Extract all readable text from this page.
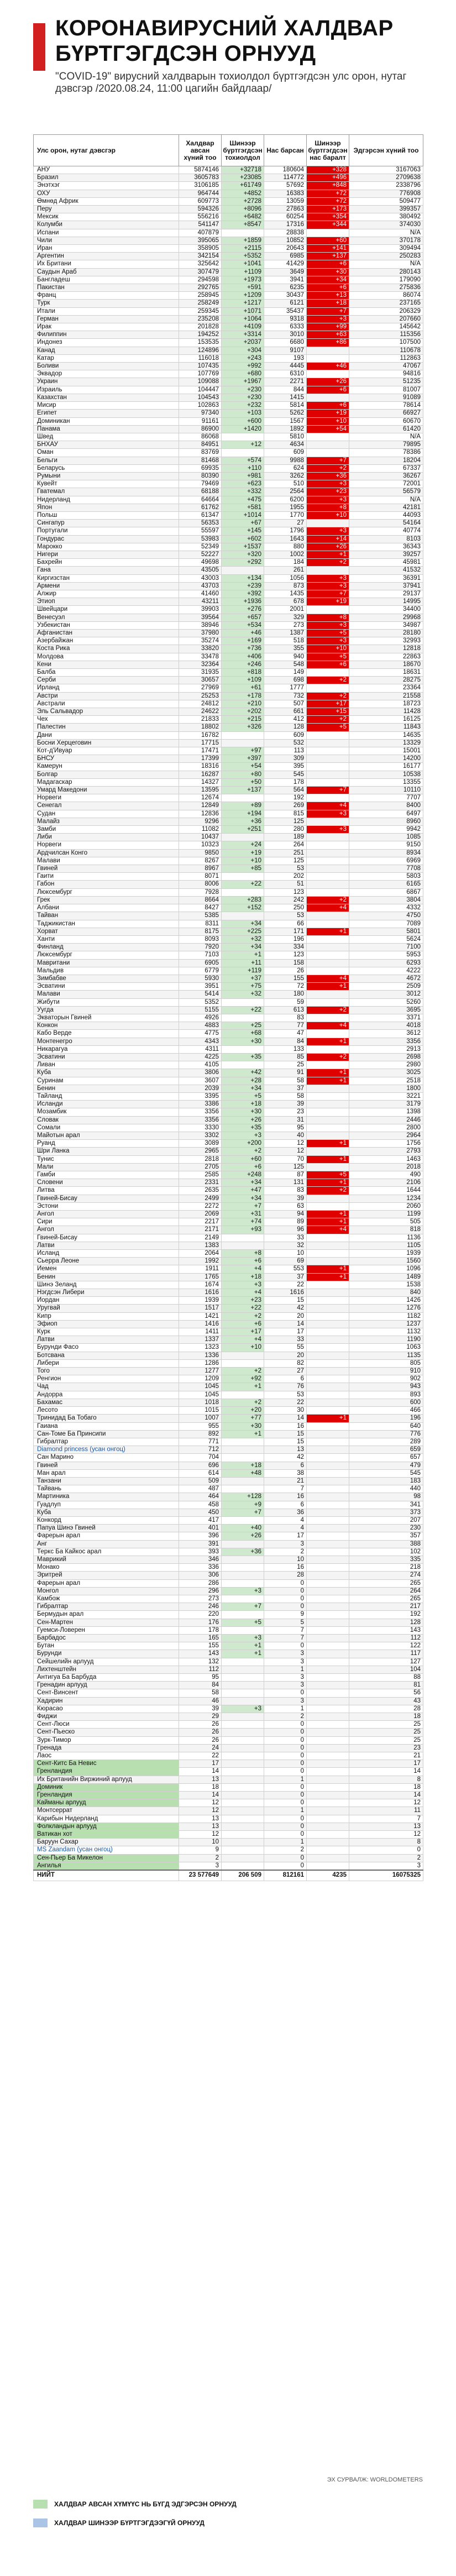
КОРОНАВИРУСНИЙ ХАЛДВАР БҮРТГЭГДСЭН ОРНУУД
"COVID-19" вирусний халдварын тохиолдол бүртгэгдсэн улс орон, нутаг дэвсгэр /2020.08.24, 11:00 цагийн байдлаар/
Улс орон, нутаг дэвсгэр	Халдвар авсан хүний тоо	Шинээр бүртгэгдсэн тохиолдол	Нас барсан	Шинээр бүртгэгдсэн нас баралт	Эдгэрсэн хүний тоо
АНУ	5874146	+32718	180604	+328	3167063
Бразил	3605783	+23085	114772	+496	2709638
Энэтхэг	3106185	+61749	57692	+848	2338796
ОХУ	964744	+4852	16383	+72	776908
Өмнөд Африк	609773	+2728	13059	+72	509477
Перу	594326	+8096	27863	+173	399357
Мексик	556216	+6482	60254	+354	380492
Колумби	541147	+8547	17316	+344	374030
Испани	407879		28838		N/A
Чили	395065	+1859	10852	+60	370178
Иран	358905	+2115	20643	+141	309494
Аргентин	342154	+5352	6985	+137	250283
Их Британи	325642	+1041	41429	+6	N/A
Саудын Араб	307479	+1109	3649	+30	280143
Бангладеш	294598	+1973	3941	+34	179090
Пакистан	292765	+591	6235	+6	275836
Франц	258945	+1209	30437	+13	86074
Турк	258249	+1217	6121	+18	237165
Итали	259345	+1071	35437	+7	206329
Герман	235208	+1064	9318	+3	207660
Ирак	201828	+4109	6333	+99	145642
Филиппин	194252	+3314	3010	+63	115356
Индонез	153535	+2037	6680	+86	107500
Канад	124896	+304	9107		110678
Катар	116018	+243	193		112863
Боливи	107435	+992	4445	+46	47067
Эквадор	107769	+680	6310		94816
Украин	109088	+1967	2271	+26	51235
Израиль	104447	+230	844	+6	81007
Казахстан	104543	+230	1415		91089
Мисир	102863	+232	5814	+6	78614
Египет	97340	+103	5262	+19	66927
Доминикан	91161	+600	1567	+10	60670
Панама	86900	+1420	1892	+54	61420
Швед	86068		5810		N/A
БНХАУ	84951	+12	4634		79895
Оман	83769		609		78386
Бельги	81468	+574	9988	+7	18204
Беларусь	69935	+110	624	+2	67337
Румыни	80390	+981	3262	+36	36267
Кувейт	79469	+623	510	+3	72001
Гватемал	68188	+332	2564	+23	56579
Нидерланд	64664	+475	6200	+3	N/A
Япон	61762	+581	1955	+8	42181
Польш	61347	+1014	1770	+10	44093
Сингапур	56353	+67	27		54164
Португали	55597	+145	1796	+3	40774
Гондурас	53983	+602	1643	+14	8103
Марокко	52349	+1537	880	+26	36343
Нигери	52227	+320	1002	+1	39257
Бахрейн	49698	+292	184	+2	45981
Гана	43505		261		41532
Киргизстан	43003	+134	1056	+3	36391
Армени	43703	+239	873	+3	37941
Алжир	41460	+392	1435	+7	29137
Этиоп	43211	+1936	678	+19	14995
Швейцари	39903	+276	2001		34400
Венесуэл	39564	+657	329	+8	29968
Узбекистан	38946	+534	273	+3	34987
Афганистан	37980	+46	1387	+5	28180
Азербайжан	35274	+169	518	+3	32993
Коста Рика	33820	+736	355	+10	12818
Молдова	33478	+406	940	+5	22863
Кени	32364	+246	548	+6	18670
Балба	31935	+818	149		18631
Серби	30657	+109	698	+2	28275
Ирланд	27969	+61	1777		23364
Австри	25253	+178	732	+2	21558
Австрали	24812	+210	507	+17	18723
Эль Сальвадор	24622	+202	661	+15	11428
Чех	21833	+215	412	+2	16125
Палестин	18802	+326	128	+5	11843
Дани	16782		609		14635
Босни Херцеговин	17715		532		13329
Кот-д'Ивуар	17471	+97	113		15001
БНСУ	17399	+397	309		14200
Камерун	18316	+54	395		16177
Болгар	16287	+80	545		10538
Мадагаскар	14327	+50	178		13355
Умард Македони	13595	+137	564	+7	10110
Норвеги	12674		192		7707
Сенегал	12849	+89	269	+4	8400
Судан	12836	+194	815	+3	6497
Малайз	9296	+36	125		8960
Замби	11082	+251	280	+3	9942
Либи	10437		189		1085
Норвеги	10323	+24	264		9150
Ардчилсан Конго	9850	+19	251		8934
Малави	8267	+10	125		6969
Гвиней	8967	+85	53		7708
Гаити	8071		202		5803
Габон	8006	+22	51		6165
Люксембург	7928		123		6867
Грек	8664	+283	242	+2	3804
Албани	8427	+152	250	+4	4332
Тайван	5385		53		4750
Таджикистан	8311	+34	66		7089
Хорват	8175	+225	171	+1	5801
Ханти	8093	+32	196		5624
Финланд	7920	+34	334		7100
Люксембург	7103	+1	123		5953
Мавритани	6905	+11	158		6293
Мальдив	6779	+119	26		4222
Зимбабве	5930	+37	155	+4	4672
Эсватини	3951	+75	72	+1	2509
Малави	5414	+32	180		3012
Жибути	5352		59		5260
Уугда	5155	+22	613	+2	3695
Экваторын Гвиней	4926		83		3371
Конкон	4883	+25	77	+4	4018
Кабо Верде	4775	+68	47		3612
Монтенегро	4343	+30	84	+1	3356
Никарагуа	4311		133		2913
Эсватини	4225	+35	85	+2	2698
Ливан	4105		25		2980
Куба	3806	+42	91	+1	3025
Суринам	3607	+28	58	+1	2518
Бенин	2039	+34	37		1800
Тайланд	3395	+5	58		3221
Исланди	3386	+18	39		3179
Мозамбик	3356	+30	23		1398
Словак	3356	+26	31		2446
Сомали	3330	+35	95		2800
Майотын арал	3302	+3	40		2964
Руанд	3089	+200	12	+1	1756
Шри Ланка	2965	+2	12		2793
Тунис	2818	+60	70	+1	1463
Мали	2705	+6	125		2018
Гамби	2585	+248	87	+5	490
Словени	2331	+34	131	+1	2106
Литва	2635	+47	83	+2	1644
Гвиней-Бисау	2499	+34	39		1234
Эстони	2272	+7	63		2060
Ангол	2069	+31	94	+1	1199
Сири	2217	+74	89	+1	505
Ангол	2171	+93	96	+4	818
Гвиней-Бисау	2149		33		1136
Латви	1383		32		1105
Исланд	2064	+8	10		1939
Сьерра Леоне	1992	+6	69		1560
Йемен	1911	+4	553	+1	1096
Бенин	1765	+18	37	+1	1489
Шинэ Зеланд	1674	+3	22		1538
Нэгдсэн Либери	1616	+4	1616		840
Иордан	1939	+23	15		1426
Уругвай	1517	+22	42		1276
Кипр	1421	+2	20		1182
Эфиоп	1416	+6	14		1237
Курк	1411	+17	17		1132
Латви	1337	+4	33		1190
Бурунди Фасо	1323	+10	55		1063
Ботсвана	1336		20		1135
Либери	1286		82		805
Того	1277	+2	27		910
Ренгион	1209	+92	6		902
Чад	1045	+1	76		943
Андорра	1045		53		893
Бахамас	1018	+2	22		600
Лесото	1015	+20	30		466
Тринидад Ба Тобаго	1007	+77	14	+1	196
Гаиана	955	+30	16		640
Сан-Томе Ба Принсипи	892	+1	15		776
Гибралтар	771		15		289
Diamond princess (усан онгоц)	712		13		659
Сан Марино	704		42		657
Гвиней	696	+18	6		479
Ман арал	614	+48	38		545
Танзани	509		21		183
Тайвань	487		7		440
Мартиника	464	+128	16		98
Гуадлуп	458	+9	6		341
Куба	450	+7	36		373
Конкорд	417		4		207
Папуа Шинэ Гвиней	401	+40	4		230
Фарерын арал	396	+26	17		357
Анг	391		3		388
Теркс Ба Кайкос арал	393	+36	2		102
Маврикий	346		10		335
Монако	336		16		218
Эритрей	306		28		274
Фарерын арал	286		0		265
Монгол	296	+3	0		264
Камбож	273		0		265
Гибралтар	246	+7	0		217
Бермудын арал	220		9		192
Сен-Мартен	176	+5	5		128
Гуемси-Ловерен	178		7		143
Барбадос	165	+3	7		112
Бутан	155	+1	0		122
Бурунди	143	+1	3		117
Сейшелийн арлууд	132		3		127
Лихтенштейн	112		1		104
Антигуа Ба Барбуда	95		3		88
Гренадин арлууд	84		3		81
Сент-Винсент	58		0		56
Хадирин	46		3		43
Кюрасао	39	+3	1		28
Фиджи	29		2		18
Сент-Люси	26		0		25
Сент-Пьеско	26		0		25
Зурк-Тимор	26		0		25
Гренада	24		0		23
Лаос	22		0		21
Сент-Китс Ба Невис	17		0		17
Гренландия	14		0		14
Их Британийн Виржиний арлууд	13		1		8
Доминик	18		0		18
Гренландия	14		0		14
Кайманы арлууд	12		0		12
Монтсеррат	12		1		11
Карибын Нидерланд	13		0		7
Фолкландын арлууд	13		0		13
Ватикан хот	12		0		12
Баруун Сахар	10		1		8
MS Zaandam (усан онгоц)	9		2		0
Сен-Пьер Ба Микелон	2		0		2
Ангилья	3		0		3
НИЙТ	23 577649	206 509	812161	4235	16075325
ЭХ СУРВАЛЖ: WORLDOMETERS
ХАЛДВАР АВСАН ХҮМҮҮС НЬ БҮГД ЭДГЭРСЭН ОРНУУД
ХАЛДВАР ШИНЭЭР БҮРТГЭГДЭЭГҮЙ ОРНУУД
